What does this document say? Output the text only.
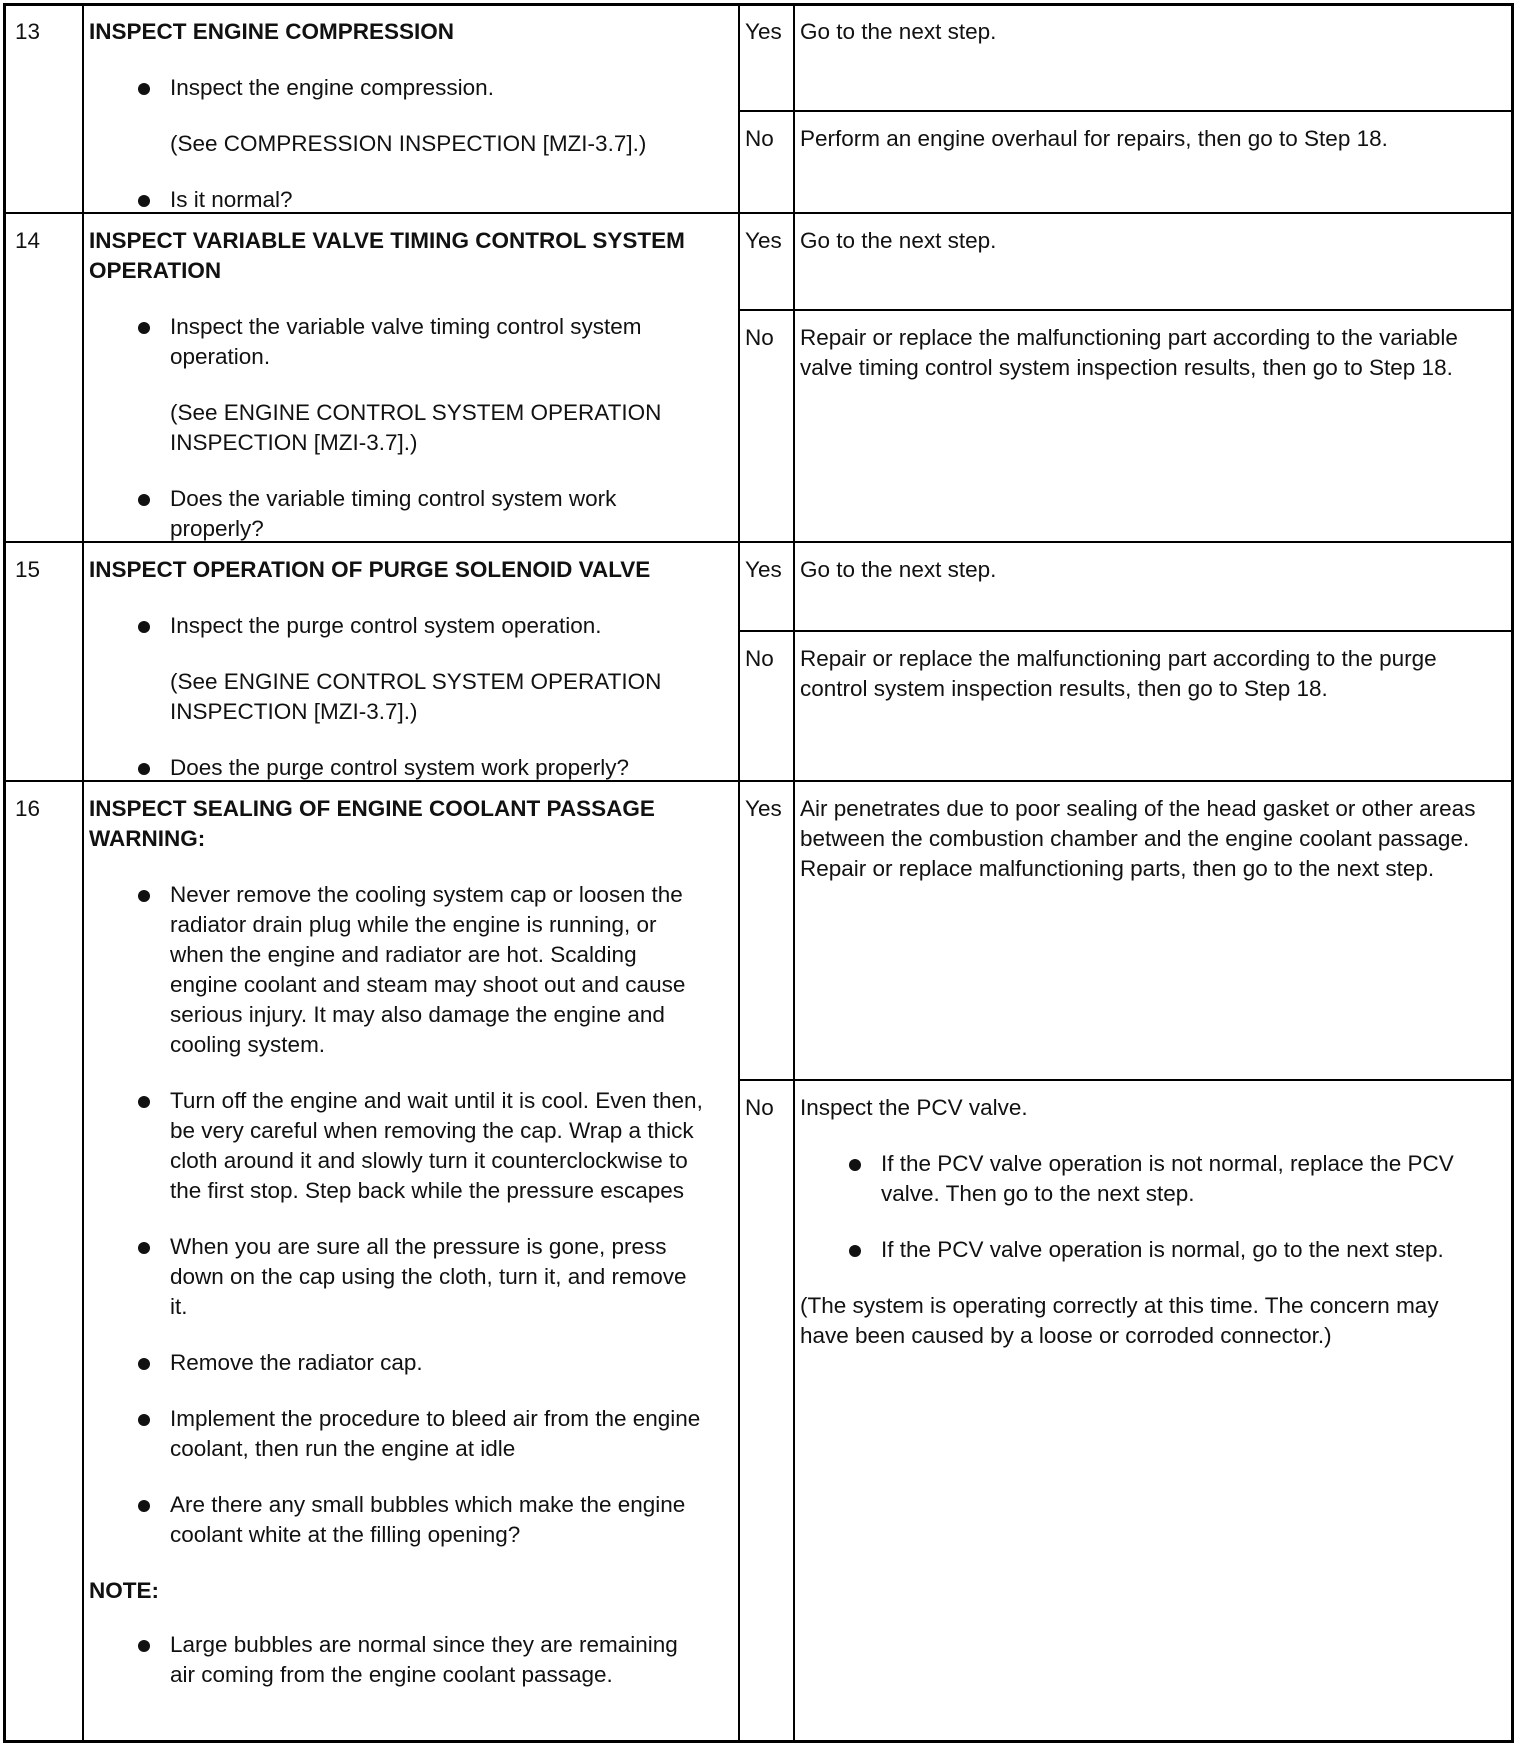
13	INSPECT ENGINE COMPRESSION
Inspect the engine compression.
(See COMPRESSION INSPECTION [MZI-3.7].)
Is it normal?
Yes Go to the next step.
No	Perform an engine overhaul for repairs, then go to Step 18.
14	INSPECT VARIABLE VALVE TIMING CONTROL SYSTEM OPERATION
Inspect the variable valve timing control system operation.
(See ENGINE CONTROL SYSTEM OPERATION INSPECTION [MZI-3.7].)
Does the variable timing control system work properly?
Yes Go to the next step.
No	Repair or replace the malfunctioning part according to the variable valve timing control system inspection results, then go to Step 18.
15	INSPECT OPERATION OF PURGE SOLENOID VALVE
Inspect the purge control system operation.
(See ENGINE CONTROL SYSTEM OPERATION INSPECTION [MZI-3.7].)
Does the purge control system work properly?
Yes Go to the next step.
No	Repair or replace the malfunctioning part according to the purge control system inspection results, then go to Step 18.
16	INSPECT SEALING OF ENGINE COOLANT PASSAGE
WARNING:
Never remove the cooling system cap or loosen the radiator drain plug while the engine is running, or when the engine and radiator are hot. Scalding engine coolant and steam may shoot out and cause serious injury. It may also damage the engine and cooling system.
Turn off the engine and wait until it is cool. Even then, be very careful when removing the cap. Wrap a thick cloth around it and slowly turn it counterclockwise to the first stop. Step back while the pressure escapes
When you are sure all the pressure is gone, press down on the cap using the cloth, turn it, and remove it.
Remove the radiator cap.
Implement the procedure to bleed air from the engine coolant, then run the engine at idle
Are there any small bubbles which make the engine coolant white at the filling opening?
NOTE:
Large bubbles are normal since they are remaining air coming from the engine coolant passage.
Yes Air penetrates due to poor sealing of the head gasket or other areas between the combustion chamber and the engine coolant passage. Repair or replace malfunctioning parts, then go to the next step.
No	Inspect the PCV valve.
If the PCV valve operation is not normal, replace the PCV valve. Then go to the next step.
If the PCV valve operation is normal, go to the next step.
(The system is operating correctly at this time. The concern may have been caused by a loose or corroded connector.)
